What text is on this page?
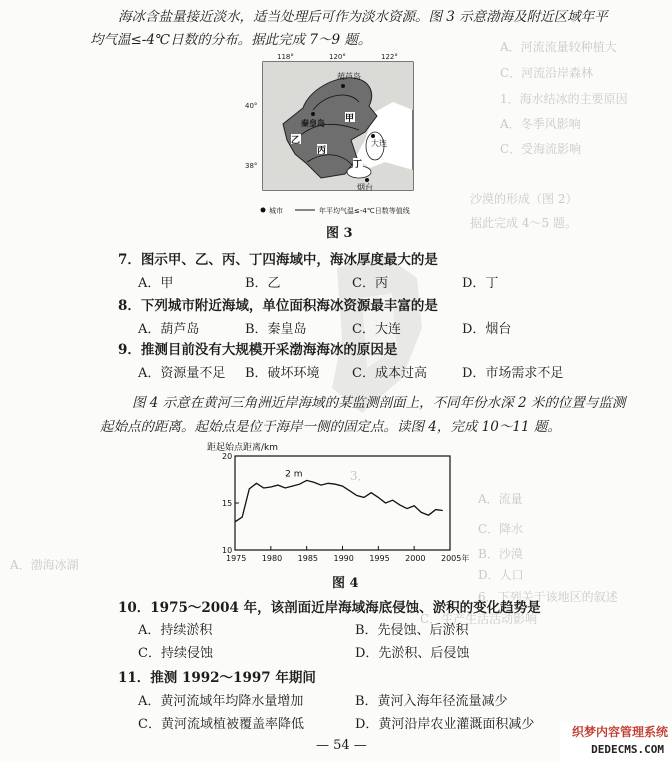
A．河流流量较种植大
C．河流沿岸森林
1．海水结冰的主要原因
A．冬季风影响
C．受海流影响
沙漠的形成（图 2）
据此完成 4～5 题。
3．
A．流量
C．降水
A．渤海冰湖
B．沙漠
D．人口
6．下列关于该地区的叙述
C．生产生活活动影响
海冰含盐量接近淡水，适当处理后可作为淡水资源。图 3 示意渤海及附近区域年平
均气温≤-4℃日数的分布。据此完成 7～9 题。
118°	120°	122°
40°
38°
葫芦岛
秦皇岛
大连
烟台
甲
乙
丙
丁
城市	年平均气温≤-4℃日数等值线
图 3
7．图示甲、乙、丙、丁四海域中，海冰厚度最大的是
A．甲	B．乙	C．丙	D．丁
8．下列城市附近海域，单位面积海冰资源最丰富的是
A．葫芦岛	B．秦皇岛	C．大连	D．烟台
9．推测目前没有大规模开采渤海海冰的原因是
A．资源量不足 B．破坏环境 C．成本过高	D．市场需求不足
图 4 示意在黄河三角洲近岸海域的某监测剖面上，不同年份水深 2 米的位置与监测
起始点的距离。起始点是位于海岸一侧的固定点。读图 4，完成 10～11 题。
距起始点距离/km
1975 1980 1985 1990 1995 2000 2005年
10
15
20
2 m
图 4
10．1975～2004 年，该剖面近岸海域海底侵蚀、淤积的变化趋势是
A．持续淤积	B．先侵蚀、后淤积
C．持续侵蚀	D．先淤积、后侵蚀
11．推测 1992～1997 年期间
A．黄河流域年均降水量增加	B．黄河入海年径流量减少
C．黄河流域植被覆盖率降低	D．黄河沿岸农业灌溉面积减少
— 54 —
织梦内容管理系统
DEDECMS.COM
